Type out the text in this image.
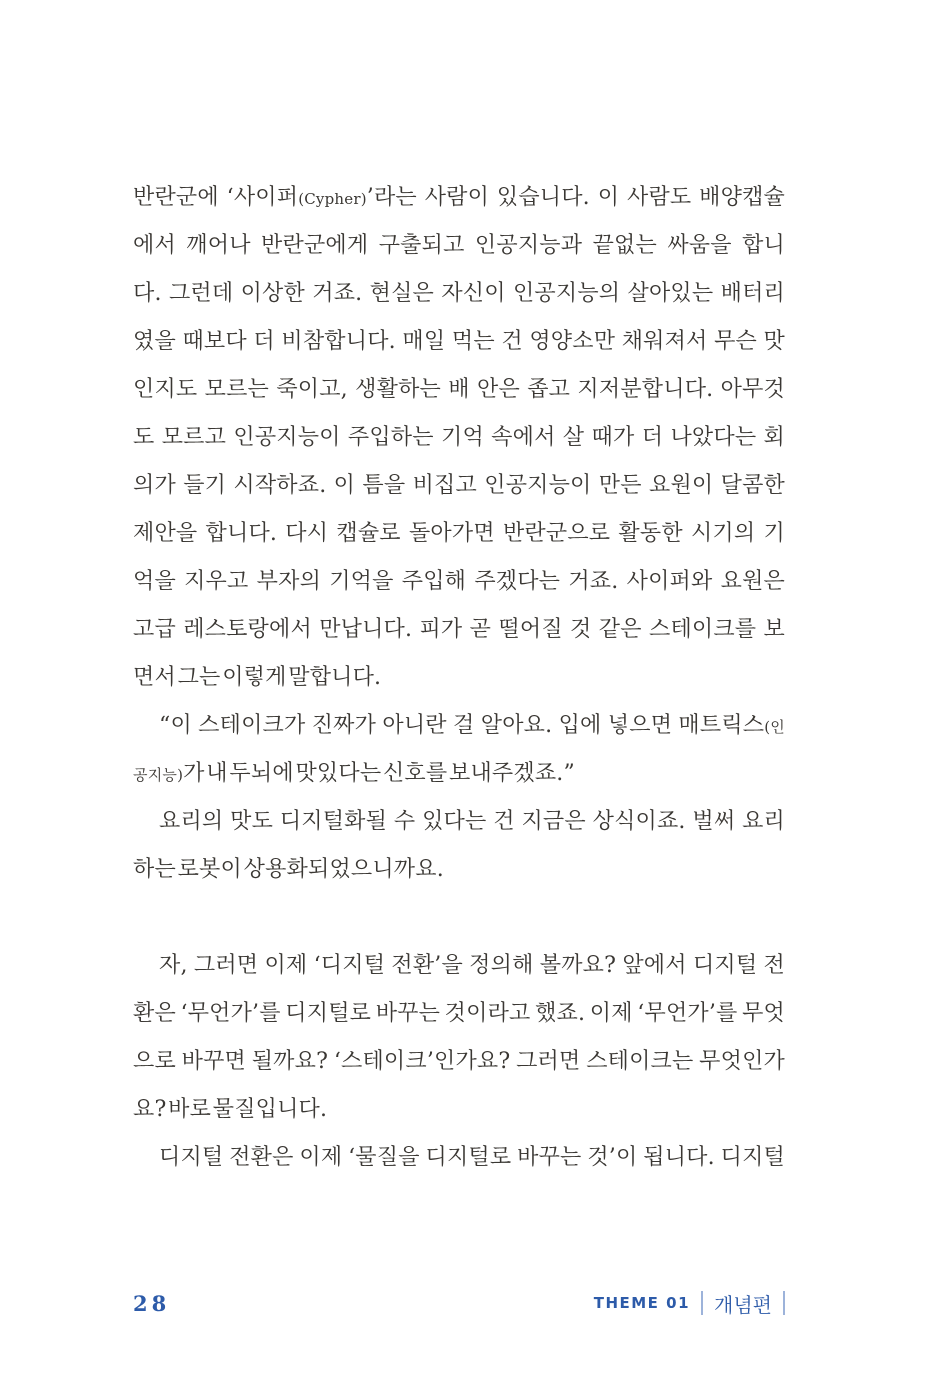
반란군에 ‘사이퍼(Cypher)’라는 사람이 있습니다. 이 사람도 배양캡슐
에서 깨어나 반란군에게 구출되고 인공지능과 끝없는 싸움을 합니
다. 그런데 이상한 거죠. 현실은 자신이 인공지능의 살아있는 배터리
였을 때보다 더 비참합니다. 매일 먹는 건 영양소만 채워져서 무슨 맛
인지도 모르는 죽이고, 생활하는 배 안은 좁고 지저분합니다. 아무것
도 모르고 인공지능이 주입하는 기억 속에서 살 때가 더 나았다는 회
의가 들기 시작하죠. 이 틈을 비집고 인공지능이 만든 요원이 달콤한
제안을 합니다. 다시 캡슐로 돌아가면 반란군으로 활동한 시기의 기
억을 지우고 부자의 기억을 주입해 주겠다는 거죠. 사이퍼와 요원은
고급 레스토랑에서 만납니다. 피가 곧 떨어질 것 같은 스테이크를 보
면서 그는 이렇게 말합니다.
“이 스테이크가 진짜가 아니란 걸 알아요. 입에 넣으면 매트릭스(인
공지능)가 내 두뇌에 맛있다는 신호를 보내주겠죠.”
요리의 맛도 디지털화될 수 있다는 건 지금은 상식이죠. 벌써 요리
하는 로봇이 상용화되었으니까요.
자, 그러면 이제 ‘디지털 전환’을 정의해 볼까요? 앞에서 디지털 전
환은 ‘무언가’를 디지털로 바꾸는 것이라고 했죠. 이제 ‘무언가’를 무엇
으로 바꾸면 될까요? ‘스테이크’인가요? 그러면 스테이크는 무엇인가
요? 바로 물질입니다.
디지털 전환은 이제 ‘물질을 디지털로 바꾸는 것’이 됩니다. 디지털
28	THEME 01 개념편
